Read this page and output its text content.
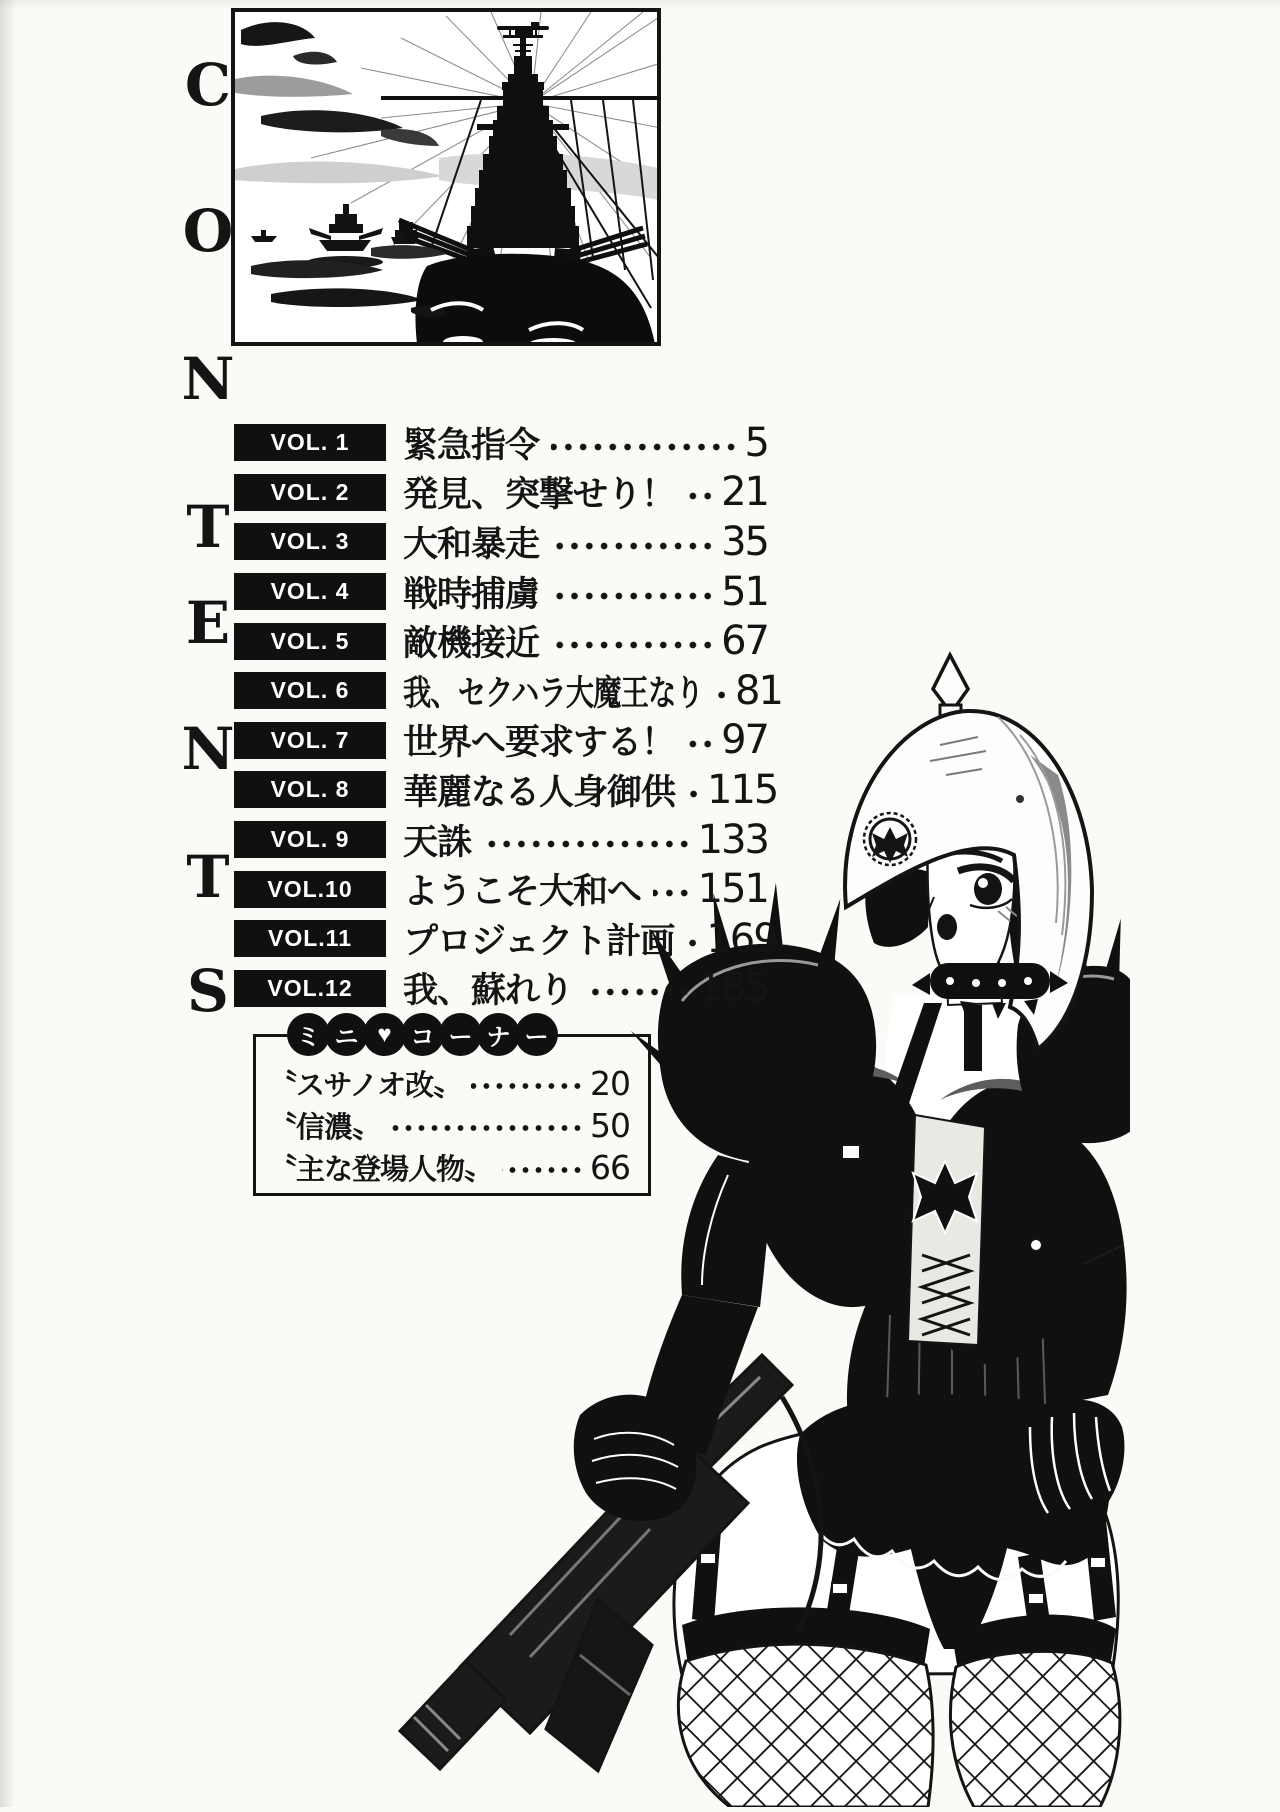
C
O
N
T
E
N
T
S
VOL. 1	緊急指令	5
VOL. 2	発見、突撃せり！ 21
VOL. 3	大和暴走	35
VOL. 4	戦時捕虜	51
VOL. 5	敵機接近	67
VOL. 6	我、セクハラ大魔王なり 81
VOL. 7	世界へ要求する！ 97
VOL. 8	華麗なる人身御供 115
VOL. 9	天誅	133
VOL.10	ようこそ大和へ 151
VOL.11	プロジェクト計画 169
VOL.12	我、蘇れり	185
ミ ニ ♥ コ ー ナ ー
〝スサノオ改〟	20
〝信濃〟	50
〝主な登場人物〟	66
